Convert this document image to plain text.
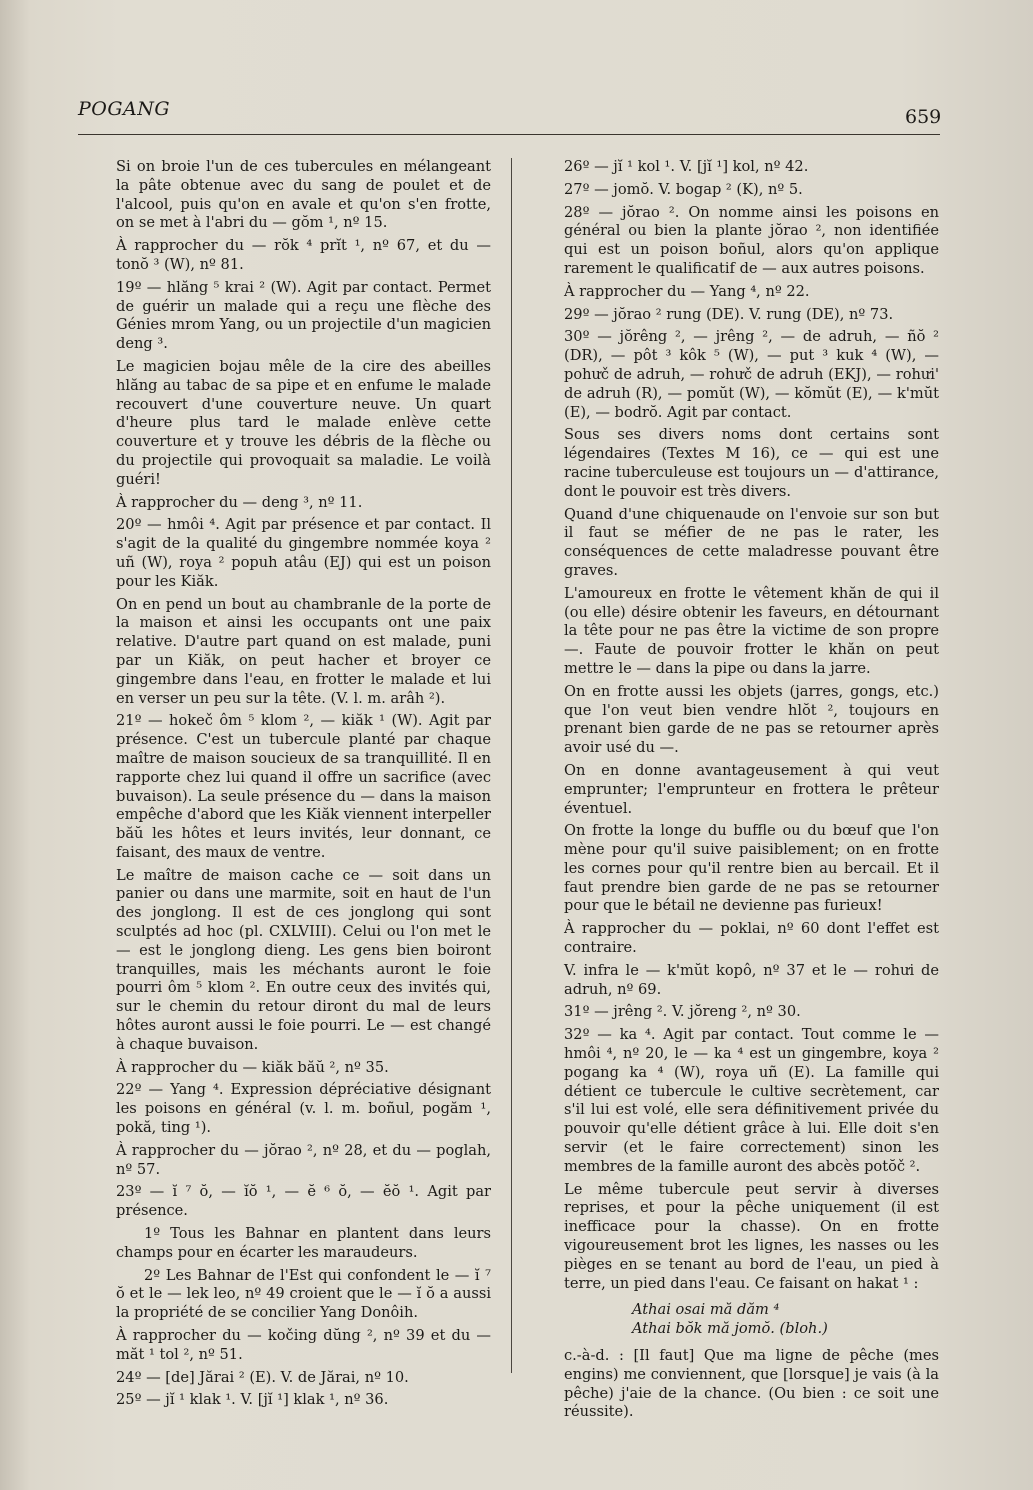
POGANG	659

Si on broie l'un de ces tubercules en mélangeant la pâte obtenue avec du sang de poulet et de l'alcool, puis qu'on en avale et qu'on s'en frotte, on se met à l'abri du — gŏm ¹, nº 15.

À rapprocher du — rŏk ⁴ prĭt ¹, nº 67, et du — tonŏ ³ (W), nº 81.

19º — hlăng ⁵ krai ² (W). Agit par contact. Permet de guérir un malade qui a reçu une flèche des Génies mrom Yang, ou un projectile d'un magicien deng ³.

Le magicien bojau mêle de la cire des abeilles hlăng au tabac de sa pipe et en enfume le malade recouvert d'une couverture neuve. Un quart d'heure plus tard le malade enlève cette couverture et y trouve les débris de la flèche ou du projectile qui provoquait sa maladie. Le voilà guéri!

À rapprocher du — deng ³, nº 11.

20º — hmôi ⁴. Agit par présence et par contact. Il s'agit de la qualité du gingembre nommée koya ² uñ (W), roya ² popuh atâu (EJ) qui est un poison pour les Kiăk.

On en pend un bout au chambranle de la porte de la maison et ainsi les occupants ont une paix relative. D'autre part quand on est malade, puni par un Kiăk, on peut hacher et broyer ce gingembre dans l'eau, en frotter le malade et lui en verser un peu sur la tête. (V. l. m. arâh ²).

21º — hokeč ôm ⁵ klom ², — kiăk ¹ (W). Agit par présence. C'est un tubercule planté par chaque maître de maison soucieux de sa tranquillité. Il en rapporte chez lui quand il offre un sacrifice (avec buvaison). La seule présence du — dans la maison empêche d'abord que les Kiăk viennent interpeller băŭ les hôtes et leurs invités, leur donnant, ce faisant, des maux de ventre.

Le maître de maison cache ce — soit dans un panier ou dans une marmite, soit en haut de l'un des jonglong. Il est de ces jonglong qui sont sculptés ad hoc (pl. CXLVIII). Celui ou l'on met le — est le jonglong dieng. Les gens bien boiront tranquilles, mais les méchants auront le foie pourri ôm ⁵ klom ². En outre ceux des invités qui, sur le chemin du retour diront du mal de leurs hôtes auront aussi le foie pourri. Le — est changé à chaque buvaison.

À rapprocher du — kiăk băŭ ², nº 35.

22º — Yang ⁴. Expression dépréciative désignant les poisons en général (v. l. m. boñul, pogăm ¹, pokă, ting ¹).

À rapprocher du — jŏrao ², nº 28, et du — poglah, nº 57.

23º — ĭ ⁷ ŏ, — ĭŏ ¹, — ĕ ⁶ ŏ, — ĕŏ ¹. Agit par présence.

1º Tous les Bahnar en plantent dans leurs champs pour en écarter les maraudeurs.

2º Les Bahnar de l'Est qui confondent le — ĭ ⁷ ŏ et le — lek leo, nº 49 croient que le — ĭ ŏ a aussi la propriété de se concilier Yang Donôih.

À rapprocher du — kočing dŭng ², nº 39 et du — măt ¹ tol ², nº 51.

24º — [de] Jărai ² (E). V. de Jărai, nº 10.

25º — jĭ ¹ klak ¹. V. [jĭ ¹] klak ¹, nº 36.

26º — jĭ ¹ kol ¹. V. [jĭ ¹] kol, nº 42.

27º — jomŏ. V. bogap ² (K), nº 5.

28º — jŏrao ². On nomme ainsi les poisons en général ou bien la plante jŏrao ², non identifiée qui est un poison boñul, alors qu'on applique rarement le qualificatif de — aux autres poisons.

À rapprocher du — Yang ⁴, nº 22.

29º — jŏrao ² rung (DE). V. rung (DE), nº 73.

30º — jŏrêng ², — jrêng ², — de adruh, — ñŏ ² (DR), — pôt ³ kôk ⁵ (W), — put ³ kuk ⁴ (W), — pohưč de adruh, — rohưč de adruh (EKJ), — rohưi' de adruh (R), — pomŭt (W), — kŏmŭt (E), — k'mŭt (E), — bodrŏ. Agit par contact.

Sous ses divers noms dont certains sont légendaires (Textes M 16), ce — qui est une racine tuberculeuse est toujours un — d'attirance, dont le pouvoir est très divers.

Quand d'une chiquenaude on l'envoie sur son but il faut se méfier de ne pas le rater, les conséquences de cette maladresse pouvant être graves.

L'amoureux en frotte le vêtement khăn de qui il (ou elle) désire obtenir les faveurs, en détournant la tête pour ne pas être la victime de son propre —. Faute de pouvoir frotter le khăn on peut mettre le — dans la pipe ou dans la jarre.

On en frotte aussi les objets (jarres, gongs, etc.) que l'on veut bien vendre hlŏt ², toujours en prenant bien garde de ne pas se retourner après avoir usé du —.

On en donne avantageusement à qui veut emprunter; l'emprunteur en frottera le prêteur éventuel.

On frotte la longe du buffle ou du bœuf que l'on mène pour qu'il suive paisiblement; on en frotte les cornes pour qu'il rentre bien au bercail. Et il faut prendre bien garde de ne pas se retourner pour que le bétail ne devienne pas furieux!

À rapprocher du — poklai, nº 60 dont l'effet est contraire.

V. infra le — k'mŭt kopô, nº 37 et le — rohưi de adruh, nº 69.

31º — jrêng ². V. jŏreng ², nº 30.

32º — ka ⁴. Agit par contact. Tout comme le — hmôi ⁴, nº 20, le — ka ⁴ est un gingembre, koya ² pogang ka ⁴ (W), roya uñ (E). La famille qui détient ce tubercule le cultive secrètement, car s'il lui est volé, elle sera définitivement privée du pouvoir qu'elle détient grâce à lui. Elle doit s'en servir (et le faire correctement) sinon les membres de la famille auront des abcès potŏč ².

Le même tubercule peut servir à diverses reprises, et pour la pêche uniquement (il est inefficace pour la chasse). On en frotte vigoureusement brot les lignes, les nasses ou les pièges en se tenant au bord de l'eau, un pied à terre, un pied dans l'eau. Ce faisant on hakat ¹ :

Athai osai mă dăm ⁴
Athai bŏk mă jomŏ. (bloh.)

c.-à-d. : [Il faut] Que ma ligne de pêche (mes engins) me conviennent, que [lorsque] je vais (à la pêche) j'aie de la chance. (Ou bien : ce soit une réussite).
